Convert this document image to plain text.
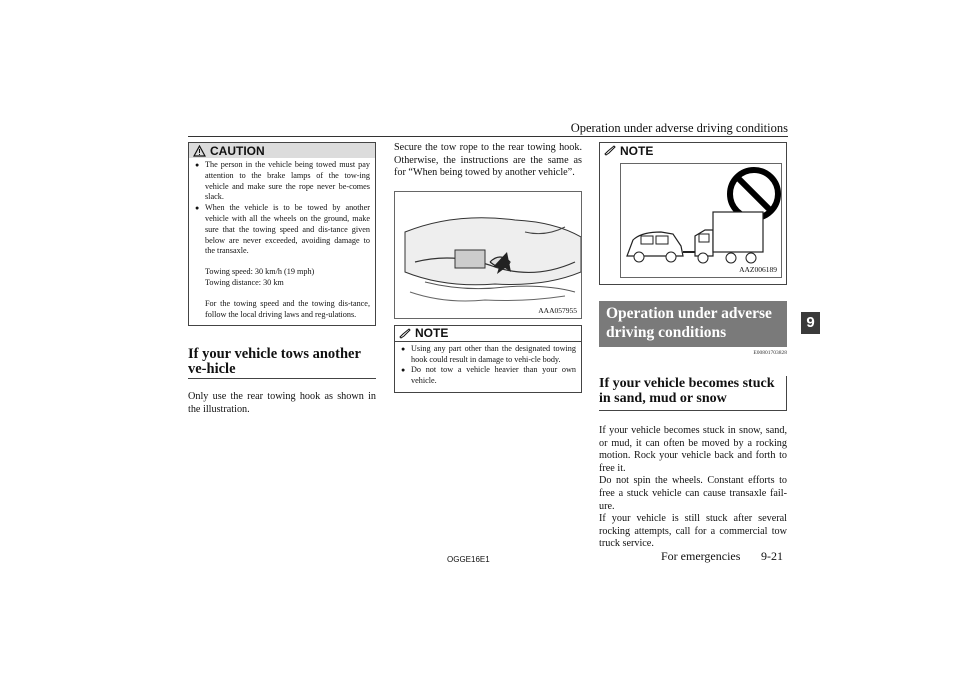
Operation under adverse driving conditions
CAUTION
● The person in the vehicle being towed must pay attention to the brake lamps of the tow-ing vehicle and make sure the rope never be-comes slack.
● When the vehicle is to be towed by another vehicle with all the wheels on the ground, make sure that the towing speed and dis-tance given below are never exceeded, avoiding damage to the transaxle.

Towing speed: 30 km/h (19 mph)

Towing distance: 30 km

For the towing speed and the towing dis-tance, follow the local driving laws and reg-ulations.

If your vehicle tows another ve-hicle
Only use the rear towing hook as shown in the illustration.
Secure the tow rope to the rear towing hook. Otherwise, the instructions are the same as for “When being towed by another vehicle”.
AAA057955
NOTE
● Using any part other than the designated towing hook could result in damage to vehi-cle body.
● Do not tow a vehicle heavier than your own vehicle.
NOTE
AAZ006189
Operation under adverse driving conditions
E00801703828
If your vehicle becomes stuck in sand, mud or snow
If your vehicle becomes stuck in snow, sand, or mud, it can often be moved by a rocking motion. Rock your vehicle back and forth to free it.
Do not spin the wheels. Constant efforts to free a stuck vehicle can cause transaxle fail-ure.
If your vehicle is still stuck after several rocking attempts, call for a commercial tow truck service.
9
OGGE16E1	For emergencies 9-21
